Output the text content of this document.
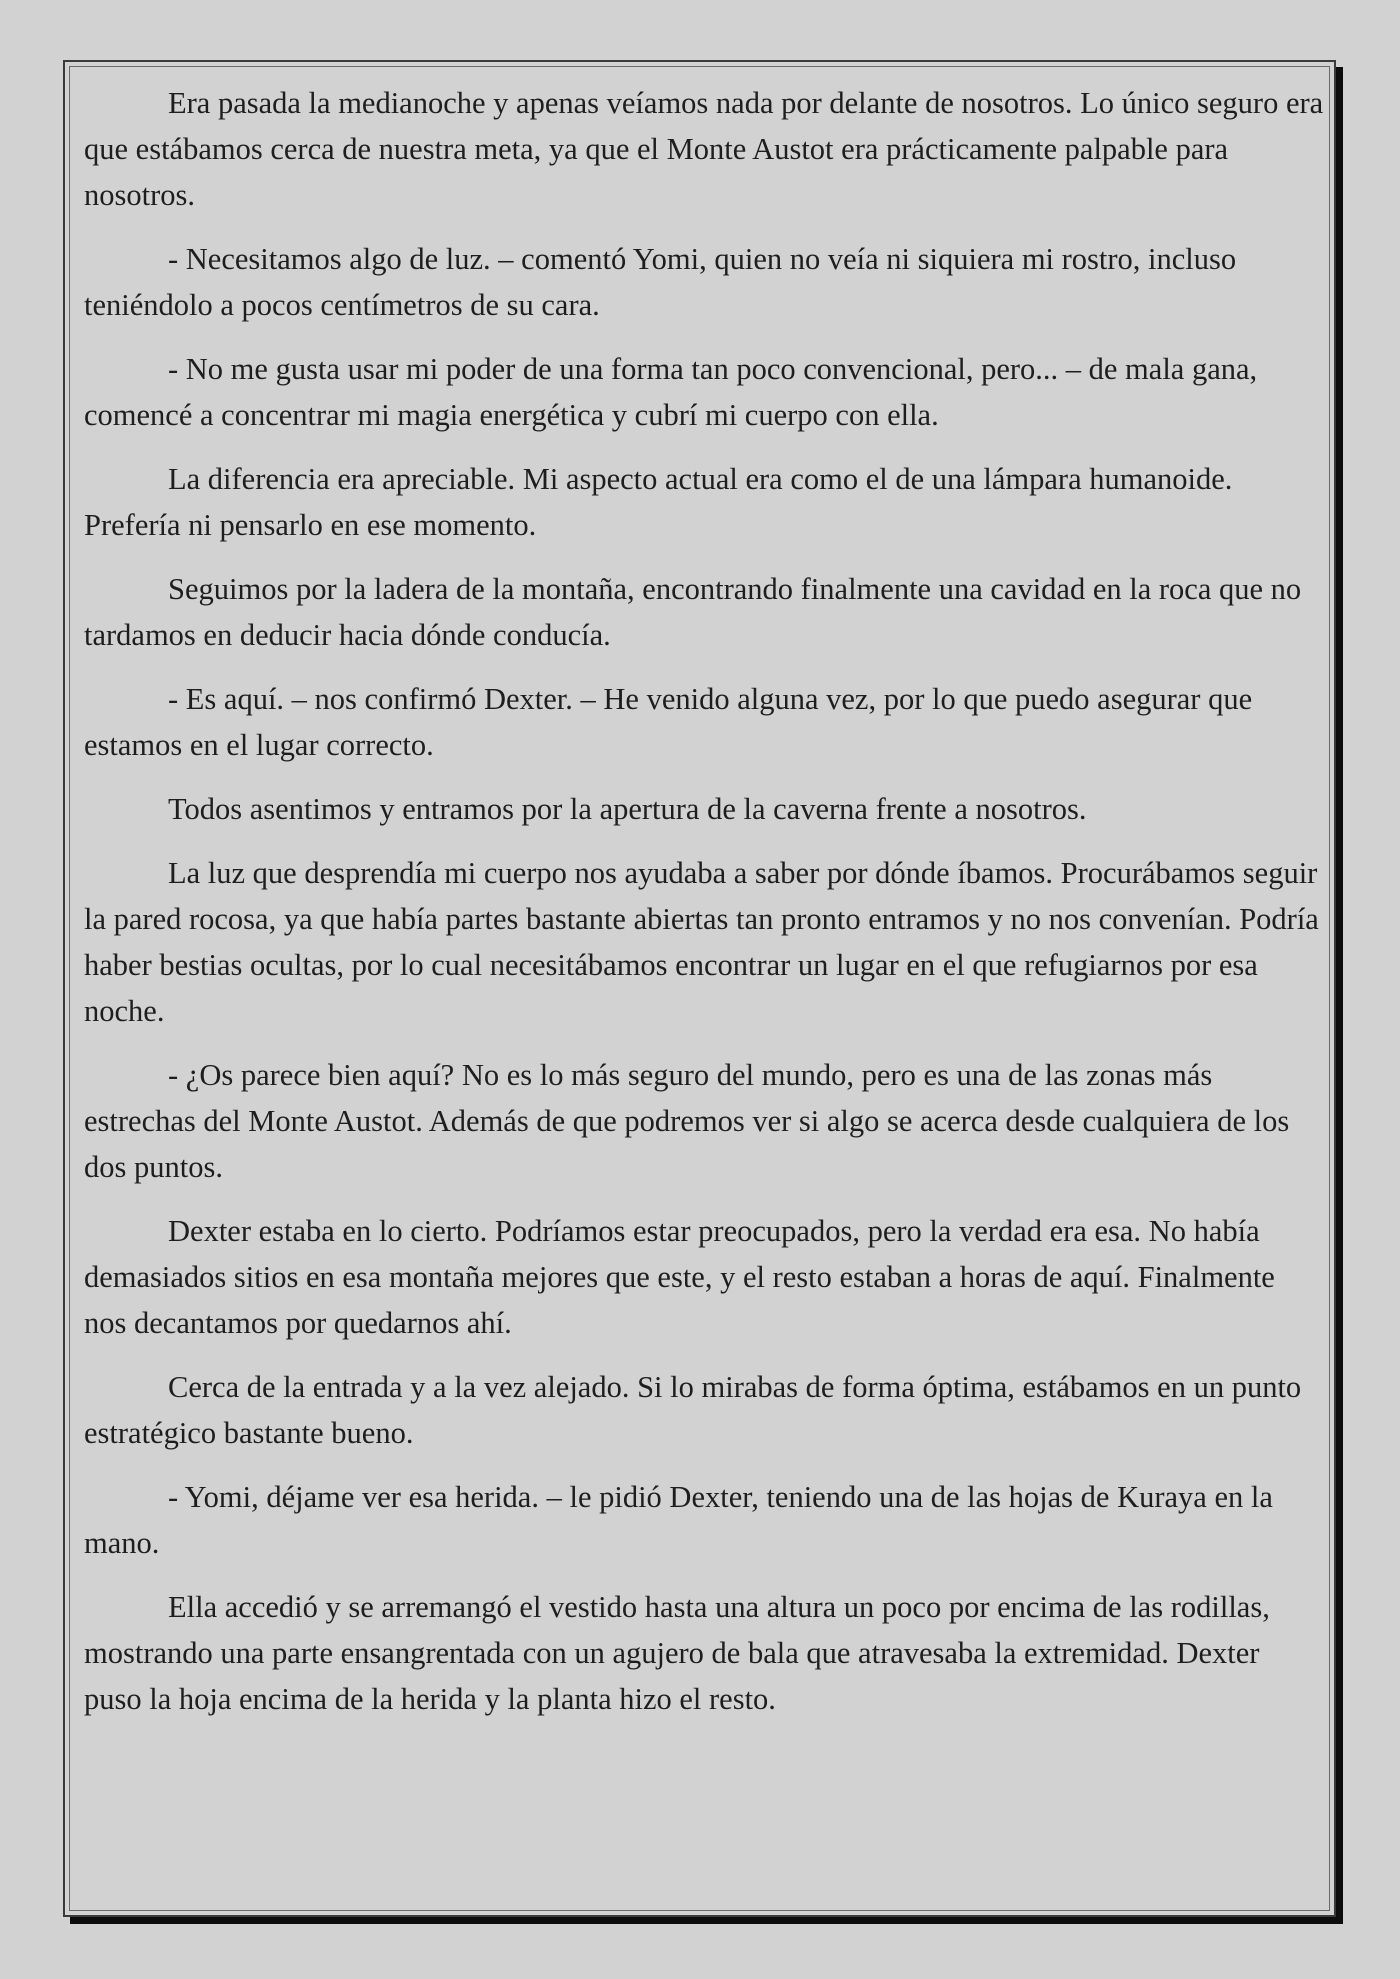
Era pasada la medianoche y apenas veíamos nada por delante de nosotros. Lo único seguro era que estábamos cerca de nuestra meta, ya que el Monte Austot era prácticamente palpable para nosotros.

- Necesitamos algo de luz. – comentó Yomi, quien no veía ni siquiera mi rostro, incluso teniéndolo a pocos centímetros de su cara.

- No me gusta usar mi poder de una forma tan poco convencional, pero... – de mala gana, comencé a concentrar mi magia energética y cubrí mi cuerpo con ella.

La diferencia era apreciable. Mi aspecto actual era como el de una lámpara humanoide. Prefería ni pensarlo en ese momento.

Seguimos por la ladera de la montaña, encontrando finalmente una cavidad en la roca que no tardamos en deducir hacia dónde conducía.

- Es aquí. – nos confirmó Dexter. – He venido alguna vez, por lo que puedo asegurar que estamos en el lugar correcto.

Todos asentimos y entramos por la apertura de la caverna frente a nosotros.

La luz que desprendía mi cuerpo nos ayudaba a saber por dónde íbamos. Procurábamos seguir la pared rocosa, ya que había partes bastante abiertas tan pronto entramos y no nos convenían. Podría haber bestias ocultas, por lo cual necesitábamos encontrar un lugar en el que refugiarnos por esa noche.

- ¿Os parece bien aquí? No es lo más seguro del mundo, pero es una de las zonas más estrechas del Monte Austot. Además de que podremos ver si algo se acerca desde cualquiera de los dos puntos.

Dexter estaba en lo cierto. Podríamos estar preocupados, pero la verdad era esa. No había demasiados sitios en esa montaña mejores que este, y el resto estaban a horas de aquí. Finalmente nos decantamos por quedarnos ahí.

Cerca de la entrada y a la vez alejado. Si lo mirabas de forma óptima, estábamos en un punto estratégico bastante bueno.

- Yomi, déjame ver esa herida. – le pidió Dexter, teniendo una de las hojas de Kuraya en la mano.

Ella accedió y se arremangó el vestido hasta una altura un poco por encima de las rodillas, mostrando una parte ensangrentada con un agujero de bala que atravesaba la extremidad. Dexter puso la hoja encima de la herida y la planta hizo el resto.
